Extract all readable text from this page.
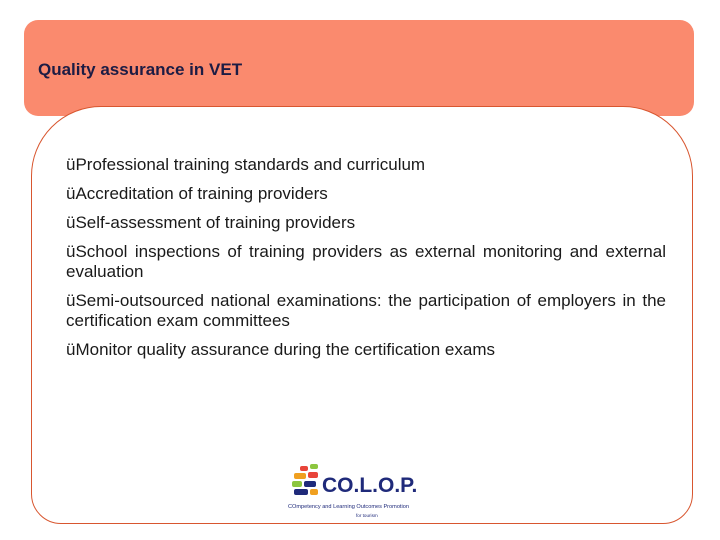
Quality assurance in VET
üProfessional training standards and curriculum
üAccreditation of training providers
üSelf-assessment of training providers
üSchool inspections of training providers as external monitoring and external evaluation
üSemi-outsourced national examinations: the participation of employers in the certification exam committees
üMonitor quality assurance during the certification exams
CO.L.O.P.
COmpetency and Learning Outcomes Promotion
for tourism
